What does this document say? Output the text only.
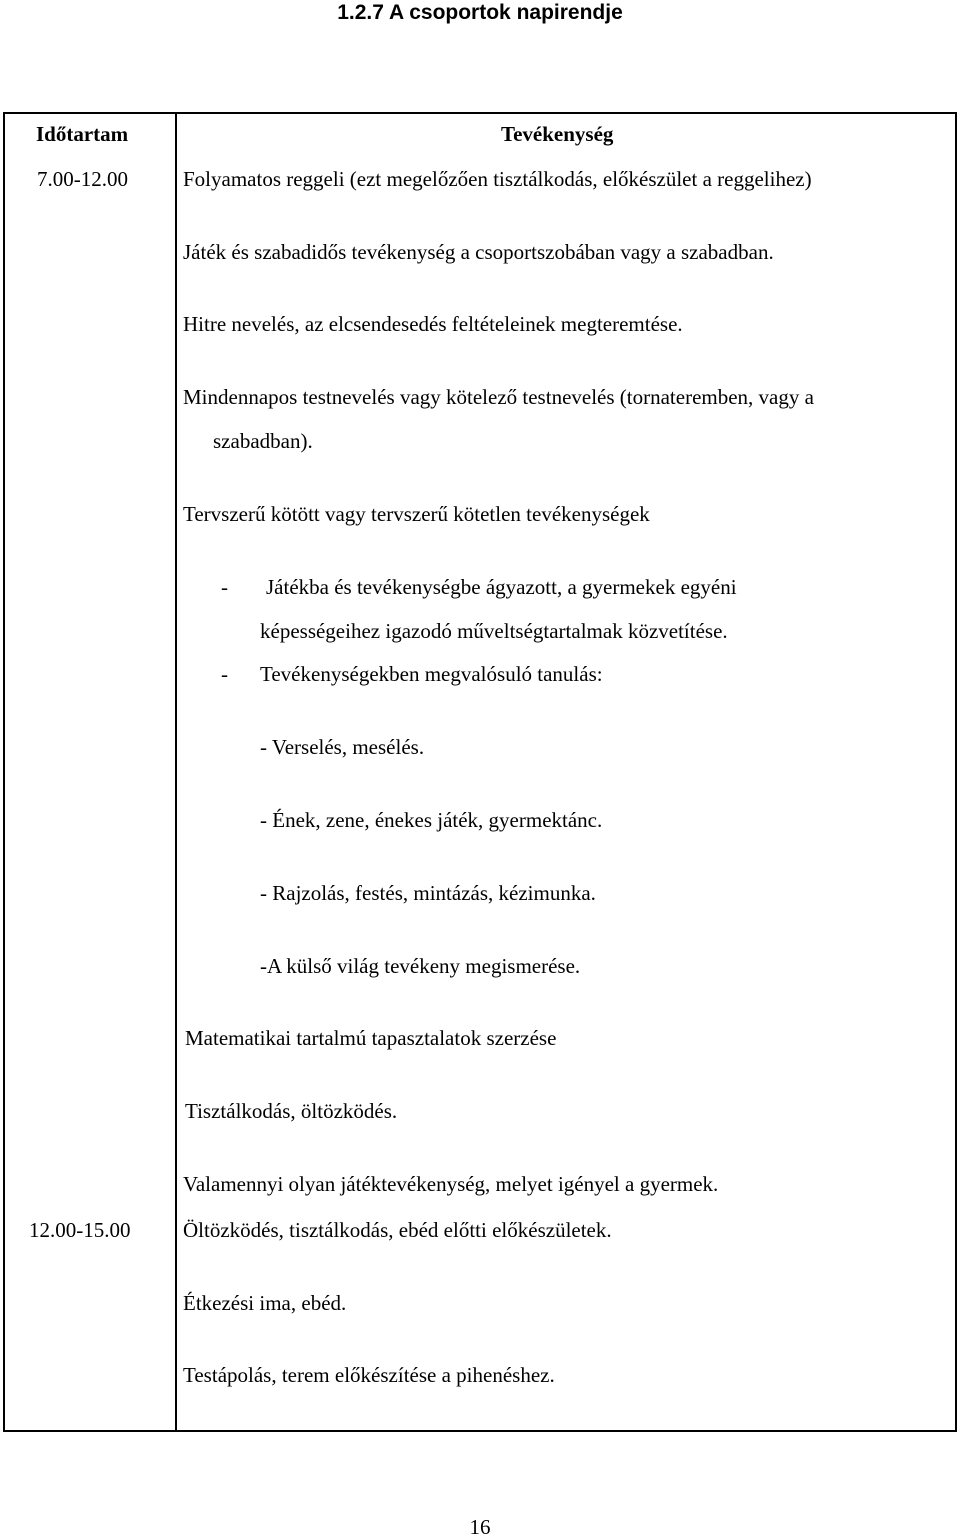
1.2.7 A csoportok napirendje
Időtartam	Tevékenység
7.00-12.00	Folyamatos reggeli (ezt megelőzően tisztálkodás, előkészület a reggelihez)
Játék és szabadidős tevékenység a csoportszobában vagy a szabadban.
Hitre nevelés, az elcsendesedés feltételeinek megteremtése.
Mindennapos testnevelés vagy kötelező testnevelés (tornateremben, vagy a
szabadban).
Tervszerű kötött vagy tervszerű kötetlen tevékenységek
- Játékba és tevékenységbe ágyazott, a gyermekek egyéni
képességeihez igazodó műveltségtartalmak közvetítése.
- Tevékenységekben megvalósuló tanulás:
- Verselés, mesélés.
- Ének, zene, énekes játék, gyermektánc.
- Rajzolás, festés, mintázás, kézimunka.
-A külső világ tevékeny megismerése.
Matematikai tartalmú tapasztalatok szerzése
Tisztálkodás, öltözködés.
Valamennyi olyan játéktevékenység, melyet igényel a gyermek.
12.00-15.00	Öltözködés, tisztálkodás, ebéd előtti előkészületek.
Étkezési ima, ebéd.
Testápolás, terem előkészítése a pihenéshez.
16
